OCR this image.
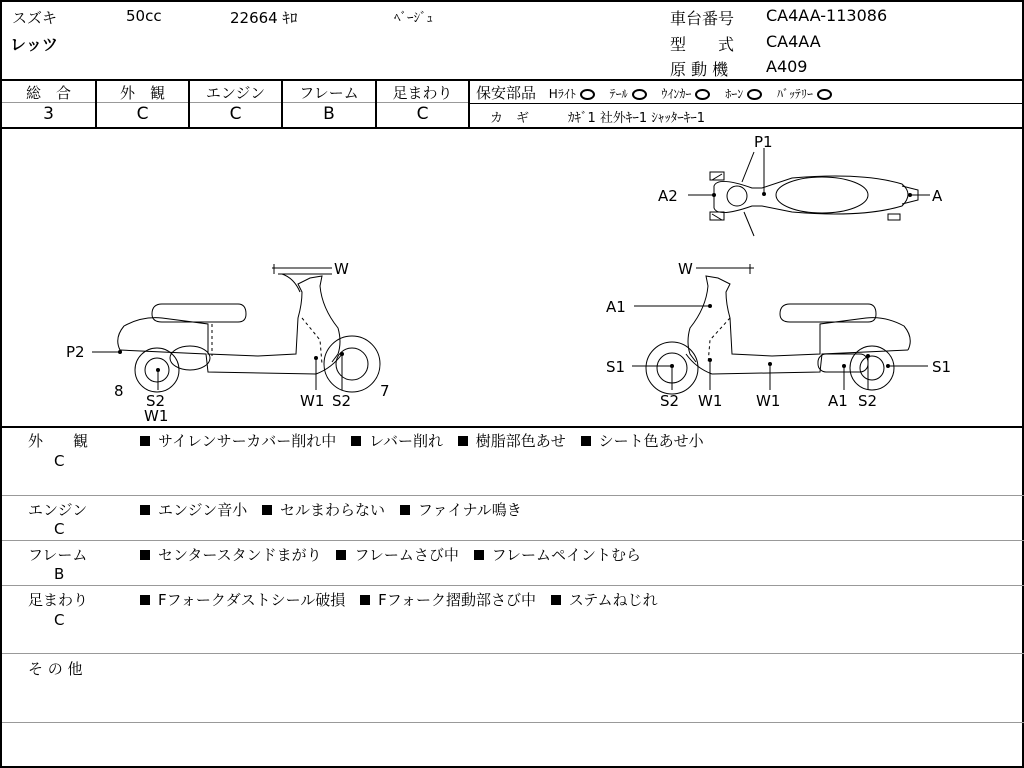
スズキ	50cc	22664 ｷﾛ	ﾍﾞｰｼﾞｭ
レッツ
車台番号 CA4AA-113086
型　　式 CA4AA
原 動 機 A409
総　合	外　観	エンジン	フレーム	足まわり
3	C	C	B	C
保安部品 Hﾗｲﾄ	ﾃｰﾙ	ｳｲﾝｶｰ	ﾎｰﾝ	ﾊﾞｯﾃﾘｰ
カ　ギ	ｶｷﾞ1 社外ｷｰ1 ｼｬｯﾀｰｷｰ1
P1
A2	A
W
P2
8
S2
W1
W1 S2
7
W
A1
S1	S1
S2 W1 W1	A1 S2
外　　観
C
サイレンサーカバー削れ中 レバー削れ 樹脂部色あせ シート色あせ小
エンジン
C
エンジン音小 セルまわらない ファイナル鳴き
フレーム
B
センタースタンドまがり フレームさび中 フレームペイントむら
足まわり
C
Fフォークダストシール破損 Fフォーク摺動部さび中 ステムねじれ
そ の 他
